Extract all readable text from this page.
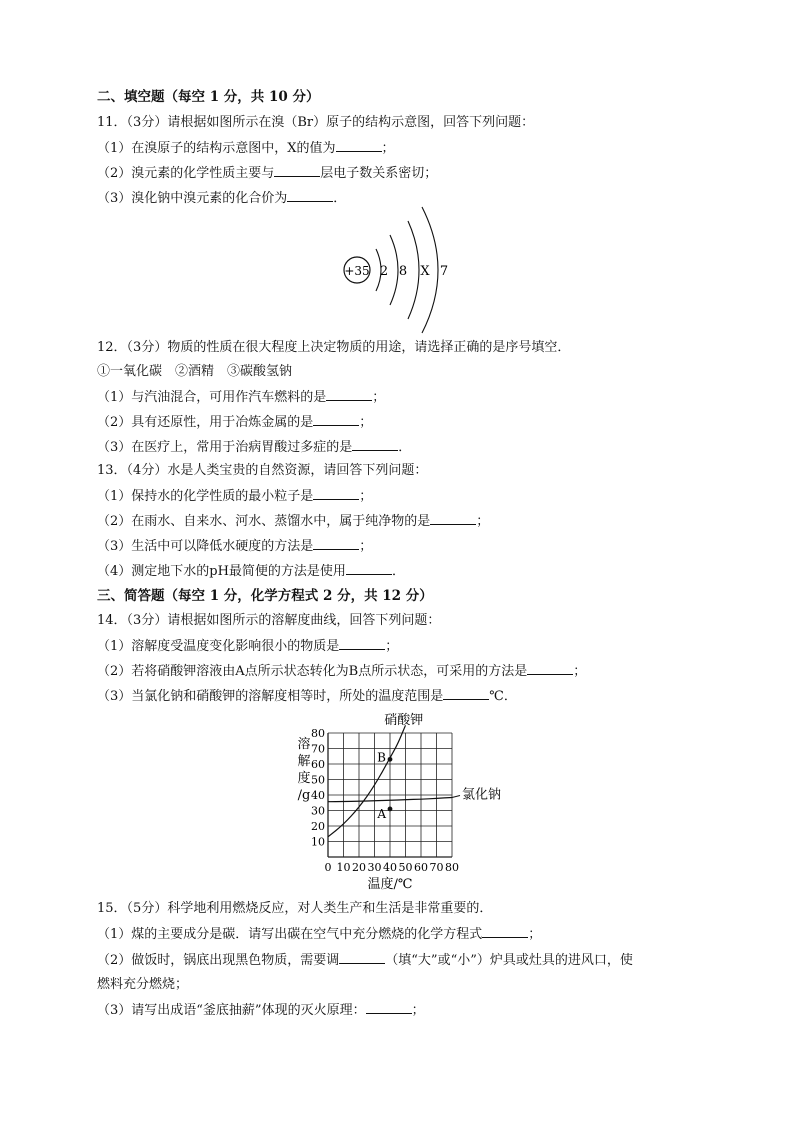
二、填空题（每空 1 分，共 10 分）
11．（3分）请根据如图所示在溴（Br）原子的结构示意图，回答下列问题：
（1）在溴原子的结构示意图中，X的值为	；
（2）溴元素的化学性质主要与	层电子数关系密切；
（3）溴化钠中溴元素的化合价为	．
+35 2 8 X 7
12．（3分）物质的性质在很大程度上决定物质的用途，请选择正确的是序号填空．
①一氧化碳　②酒精　③碳酸氢钠
（1）与汽油混合，可用作汽车燃料的是	；
（2）具有还原性，用于冶炼金属的是	；
（3）在医疗上，常用于治病胃酸过多症的是	．
13．（4分）水是人类宝贵的自然资源，请回答下列问题：
（1）保持水的化学性质的最小粒子是	；
（2）在雨水、自来水、河水、蒸馏水中，属于纯净物的是	；
（3）生活中可以降低水硬度的方法是	；
（4）测定地下水的pH最简便的方法是使用	．
三、简答题（每空 1 分，化学方程式 2 分，共 12 分）
14．（3分）请根据如图所示的溶解度曲线，回答下列问题：
（1）溶解度受温度变化影响很小的物质是	；
（2）若将硝酸钾溶液由A点所示状态转化为B点所示状态，可采用的方法是	；
（3）当氯化钠和硝酸钾的溶解度相等时，所处的温度范围是	℃．
0 10 20 30 40 50 60 70 80
10
20
30
40
50
60
70
80
溶
解
度
/g
温度/℃
硝酸钾
氯化钠
B
A
15．（5分）科学地利用燃烧反应，对人类生产和生活是非常重要的．
（1）煤的主要成分是碳．请写出碳在空气中充分燃烧的化学方程式	；
（2）做饭时，锅底出现黑色物质，需要调	（填“大”或“小”）炉具或灶具的进风口，使
燃料充分燃烧；
（3）请写出成语“釜底抽薪”体现的灭火原理：	；
